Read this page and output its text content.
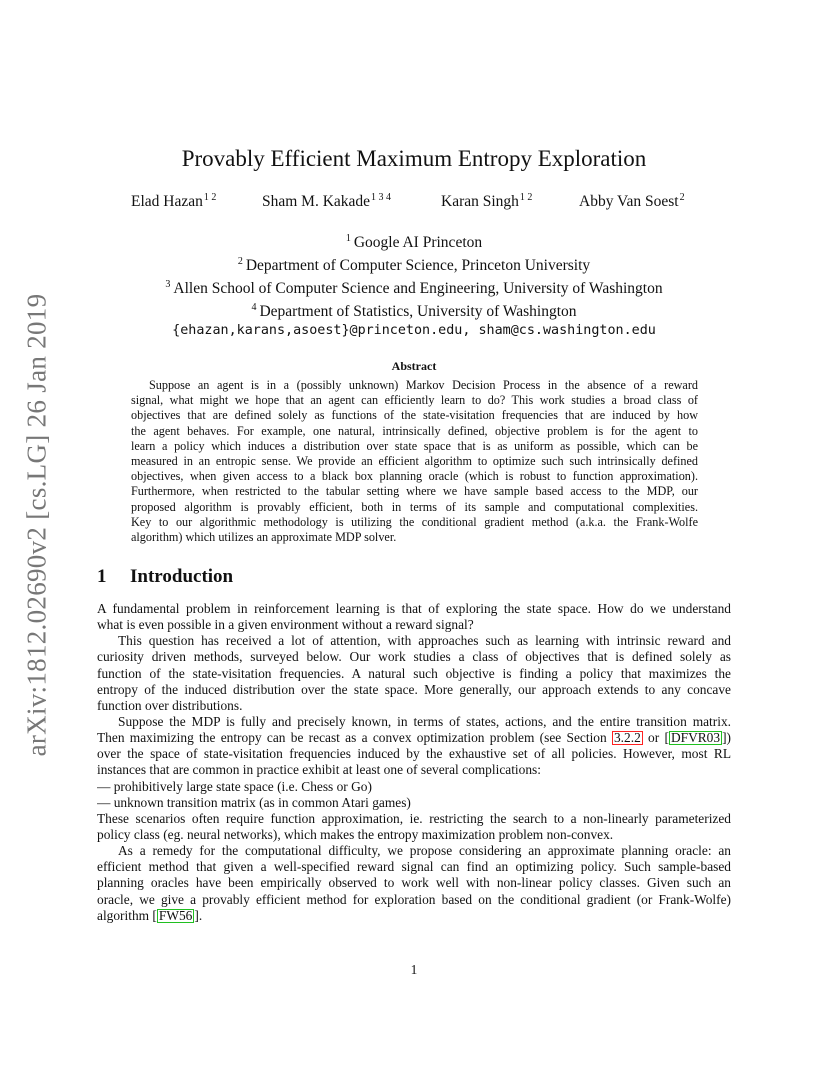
arXiv:1812.02690v2 [cs.LG] 26 Jan 2019
Provably Efficient Maximum Entropy Exploration
Elad Hazan$^{1 2}$	Sham M. Kakade$^{1 3 4}$	Karan Singh$^{1 2}$	Abby Van Soest$^2$
$^1$ Google AI Princeton
$^2$ Department of Computer Science, Princeton University
$^3$ Allen School of Computer Science and Engineering, University of Washington
$^4$ Department of Statistics, University of Washington
{ehazan,karans,asoest}@princeton.edu, sham@cs.washington.edu
Abstract
Suppose an agent is in a (possibly unknown) Markov Decision Process in the absence of a reward
signal, what might we hope that an agent can efficiently learn to do? This work studies a broad class of
objectives that are defined solely as functions of the state-visitation frequencies that are induced by how
the agent behaves. For example, one natural, intrinsically defined, objective problem is for the agent to
learn a policy which induces a distribution over state space that is as uniform as possible, which can be
measured in an entropic sense. We provide an efficient algorithm to optimize such such intrinsically defined
objectives, when given access to a black box planning oracle (which is robust to function approximation).
Furthermore, when restricted to the tabular setting where we have sample based access to the MDP, our
proposed algorithm is provably efficient, both in terms of its sample and computational complexities.
Key to our algorithmic methodology is utilizing the conditional gradient method (a.k.a. the Frank-Wolfe
algorithm) which utilizes an approximate MDP solver.
1 Introduction
A fundamental problem in reinforcement learning is that of exploring the state space. How do we understand
what is even possible in a given environment without a reward signal?
This question has received a lot of attention, with approaches such as learning with intrinsic reward and
curiosity driven methods, surveyed below. Our work studies a class of objectives that is defined solely as
function of the state-visitation frequencies. A natural such objective is finding a policy that maximizes the
entropy of the induced distribution over the state space. More generally, our approach extends to any concave
function over distributions.
Suppose the MDP is fully and precisely known, in terms of states, actions, and the entire transition matrix.
Then maximizing the entropy can be recast as a convex optimization problem (see Section 3.2.2 or [ DFVR03 ])
over the space of state-visitation frequencies induced by the exhaustive set of all policies. However, most RL
instances that are common in practice exhibit at least one of several complications:
— prohibitively large state space (i.e. Chess or Go)
— unknown transition matrix (as in common Atari games)
These scenarios often require function approximation, ie. restricting the search to a non-linearly parameterized
policy class (eg. neural networks), which makes the entropy maximization problem non-convex.
As a remedy for the computational difficulty, we propose considering an approximate planning oracle: an
efficient method that given a well-specified reward signal can find an optimizing policy. Such sample-based
planning oracles have been empirically observed to work well with non-linear policy classes. Given such an
oracle, we give a provably efficient method for exploration based on the conditional gradient (or Frank-Wolfe)
algorithm [ FW56 ].
1
